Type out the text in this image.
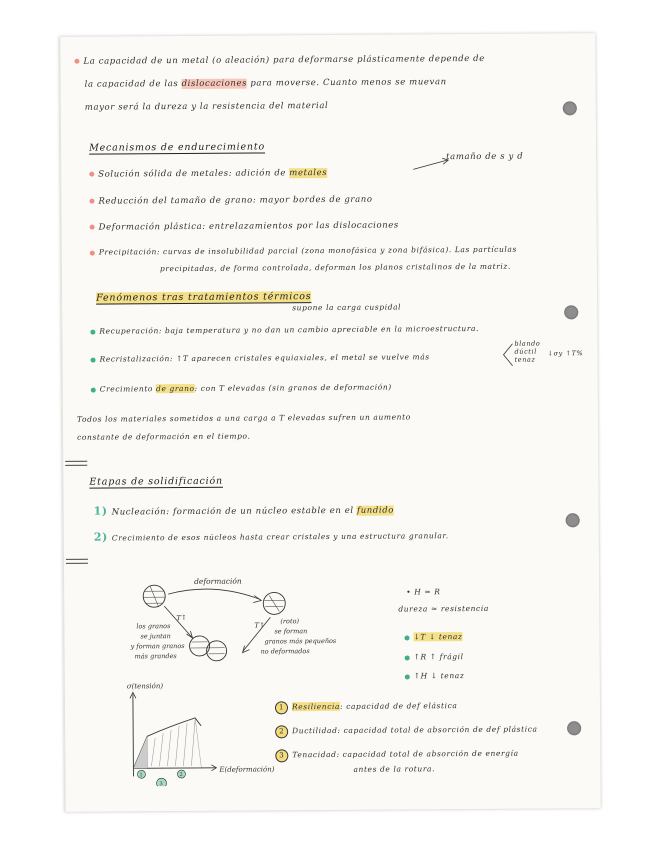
La capacidad de un metal (o aleación) para deformarse plásticamente depende de
la capacidad de las dislocaciones para moverse. Cuanto menos se muevan
mayor será la dureza y la resistencia del material
Mecanismos de endurecimiento
Solución sólida de metales: adición de metales
tamaño de s y d
Reducción del tamaño de grano: mayor bordes de grano
Deformación plástica: entrelazamientos por las dislocaciones
Precipitación: curvas de insolubilidad parcial (zona monofásica y zona bifásica). Las partículas
precipitadas, de forma controlada, deforman los planos cristalinos de la matriz.
Fenómenos tras tratamientos térmicos
supone la carga cuspidal
Recuperación: baja temperatura y no dan un cambio apreciable en la microestructura.
Recristalización: ↑T aparecen cristales equiaxiales, el metal se vuelve más
blando
dúctil
tenaz
↓σy ↑T%
Crecimiento de grano: con T elevadas (sin granos de deformación)
Todos los materiales sometidos a una carga a T elevadas sufren un aumento
constante de deformación en el tiempo.
Etapas de solidificación
1) Nucleación: formación de un núcleo estable en el fundido
2) Crecimiento de esos núcleos hasta crear cristales y una estructura granular.
deformación
T↑
T↑
los granos
se juntan
y forman granos
más grandes
(roto)
se forman
granos más pequeños
no deformados
σ(tensión)
E(deformación)
1	2
3
• H ≃ R
dureza ≃ resistencia
↓T ↓ tenaz
↑R ↑ frágil
↑H ↓ tenaz
1 Resiliencia: capacidad de def elástica
2 Ductilidad: capacidad total de absorción de def plástica
3 Tenacidad: capacidad total de absorción de energía
antes de la rotura.
